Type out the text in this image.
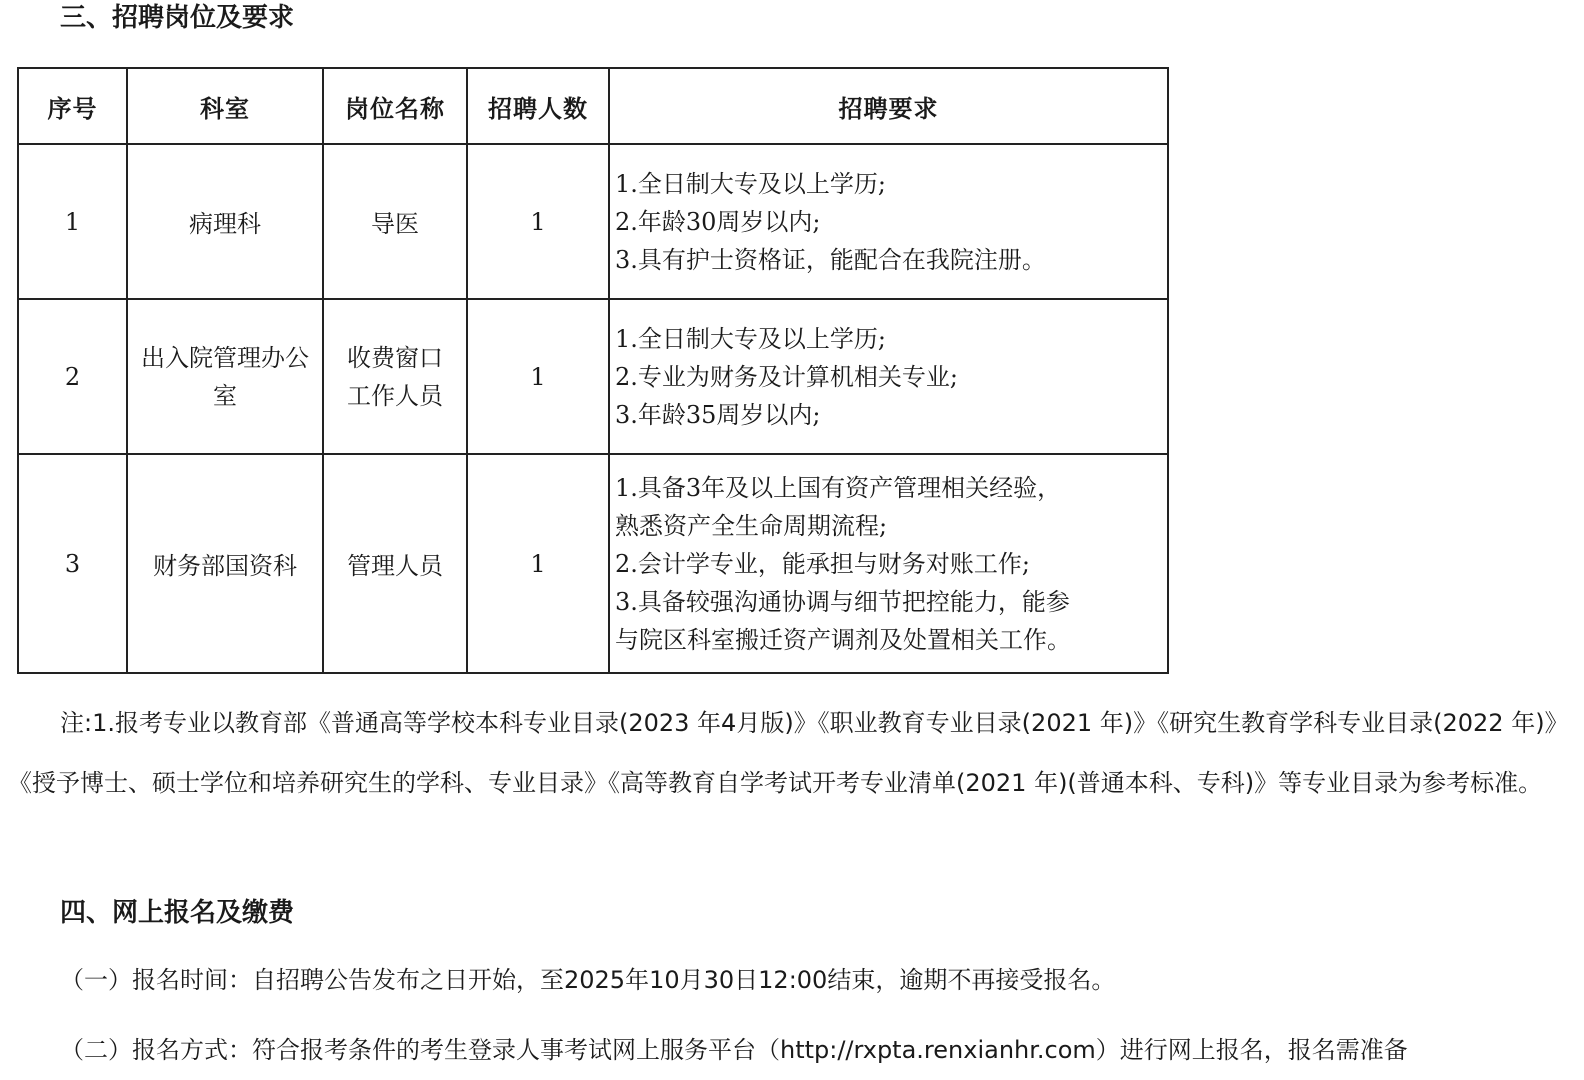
三、招聘岗位及要求
序号	科室	岗位名称	招聘人数	招聘要求
1	病理科	导医	1	1.全日制大专及以上学历;
2.年龄30周岁以内;
3.具有护士资格证，能配合在我院注册。

2	出入院管理办公室	收费窗口工作人员	1	1.全日制大专及以上学历;
2.专业为财务及计算机相关专业;
3.年龄35周岁以内;

3	财务部国资科	管理人员	1	1.具备3年及以上国有资产管理相关经验，
熟悉资产全生命周期流程;
2.会计学专业，能承担与财务对账工作;
3.具备较强沟通协调与细节把控能力，能参
与院区科室搬迁资产调剂及处置相关工作。

注:1.报考专业以教育部《普通高等学校本科专业目录(2023 年4月版)》《职业教育专业目录(2021 年)》《研究生教育学科专业目录(2022 年)》《授予博士、硕士学位和培养研究生的学科、专业目录》《高等教育自学考试开考专业清单(2021 年)(普通本科、专科)》等专业目录为参考标准。

四、网上报名及缴费

（一）报名时间：自招聘公告发布之日开始，至2025年10月30日12:00结束，逾期不再接受报名。

（二）报名方式：符合报考条件的考生登录人事考试网上服务平台（http://rxpta.renxianhr.com）进行网上报名，报名需准备
